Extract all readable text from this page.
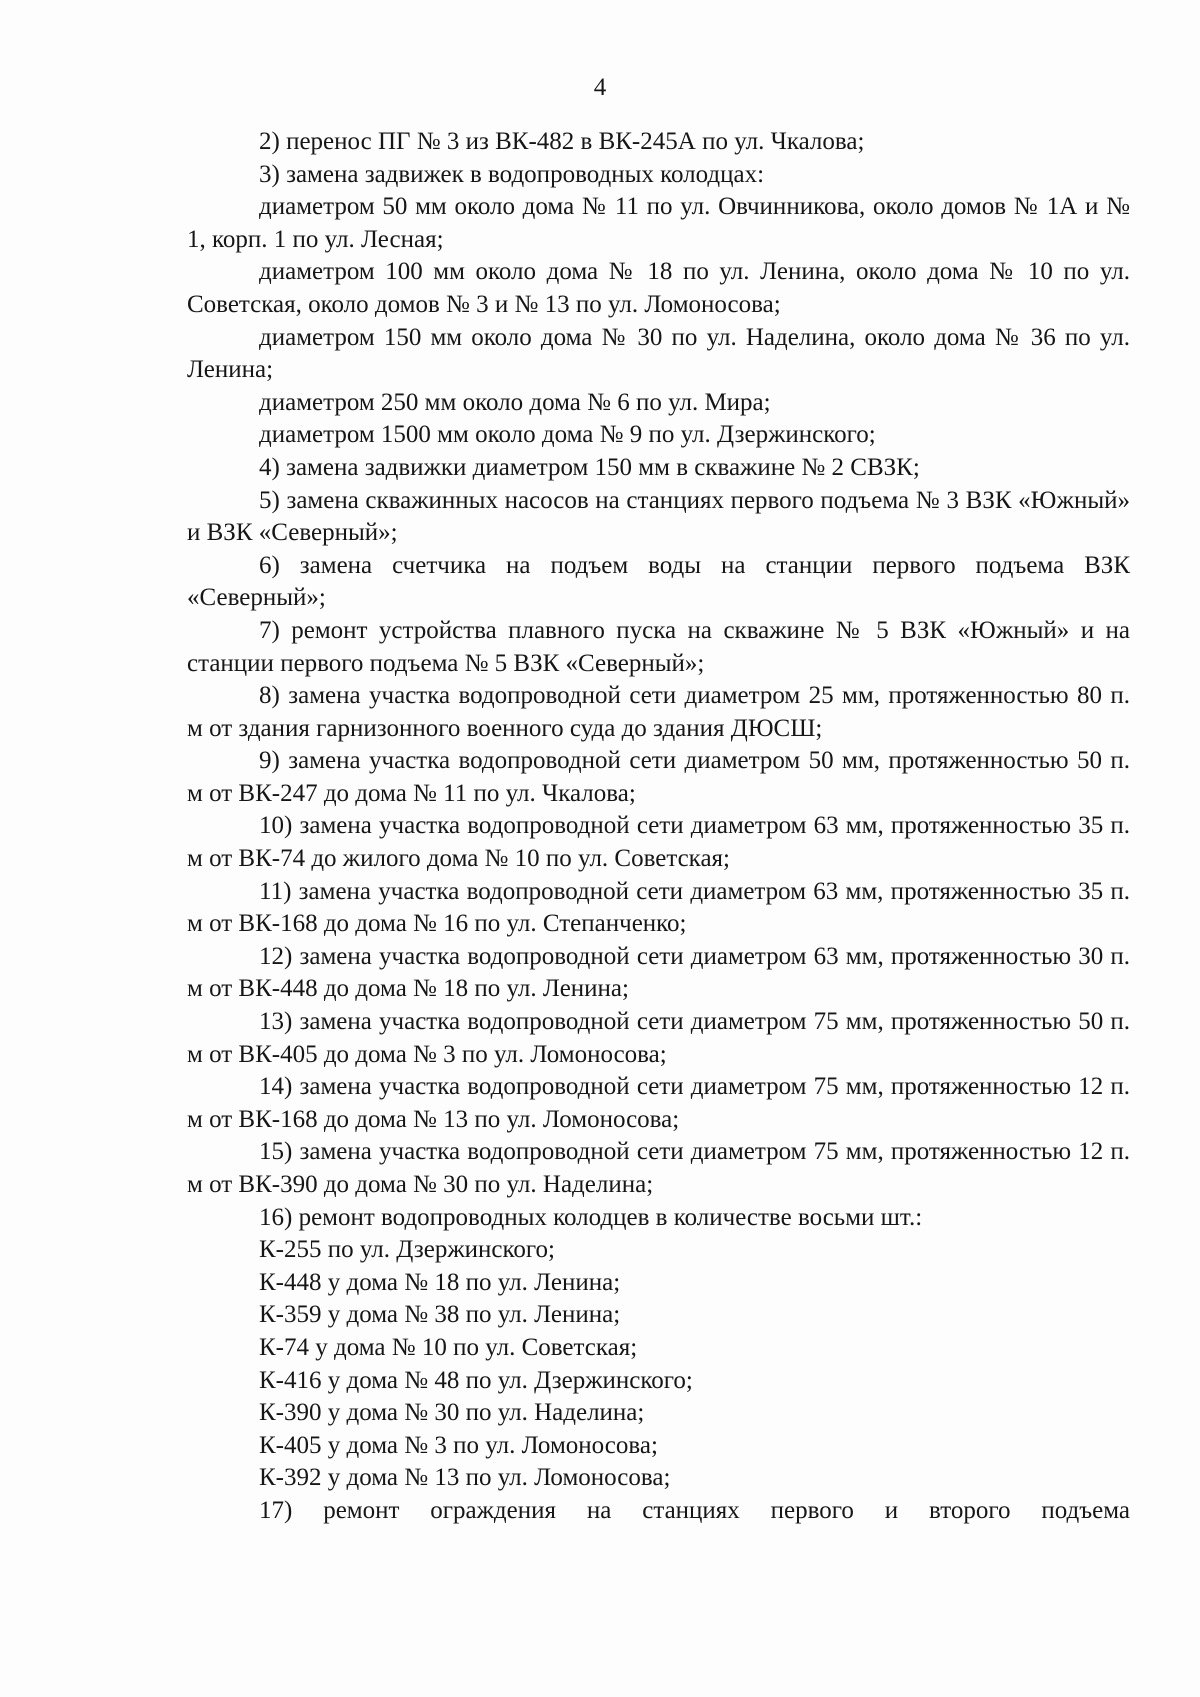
4

2) перенос ПГ № 3 из ВК-482 в ВК-245А по ул. Чкалова;

3) замена задвижек в водопроводных колодцах:

диаметром 50 мм около дома № 11 по ул. Овчинникова, около домов № 1А и № 1, корп. 1 по ул. Лесная;

диаметром 100 мм около дома № 18 по ул. Ленина, около дома № 10 по ул. Советская, около домов № 3 и № 13 по ул. Ломоносова;

диаметром 150 мм около дома № 30 по ул. Наделина, около дома № 36 по ул. Ленина;

диаметром 250 мм около дома № 6 по ул. Мира;

диаметром 1500 мм около дома № 9 по ул. Дзержинского;

4) замена задвижки диаметром 150 мм в скважине № 2 СВЗК;

5) замена скважинных насосов на станциях первого подъема № 3 ВЗК «Южный» и ВЗК «Северный»;

6) замена счетчика на подъем воды на станции первого подъема ВЗК «Северный»;

7) ремонт устройства плавного пуска на скважине № 5 ВЗК «Южный» и на станции первого подъема № 5 ВЗК «Северный»;

8) замена участка водопроводной сети диаметром 25 мм, протяженностью 80 п. м от здания гарнизонного военного суда до здания ДЮСШ;

9) замена участка водопроводной сети диаметром 50 мм, протяженностью 50 п. м от ВК-247 до дома № 11 по ул. Чкалова;

10) замена участка водопроводной сети диаметром 63 мм, протяженностью 35 п. м от ВК-74 до жилого дома № 10 по ул. Советская;

11) замена участка водопроводной сети диаметром 63 мм, протяженностью 35 п. м от ВК-168 до дома № 16 по ул. Степанченко;

12) замена участка водопроводной сети диаметром 63 мм, протяженностью 30 п. м от ВК-448 до дома № 18 по ул. Ленина;

13) замена участка водопроводной сети диаметром 75 мм, протяженностью 50 п. м от ВК-405 до дома № 3 по ул. Ломоносова;

14) замена участка водопроводной сети диаметром 75 мм, протяженностью 12 п. м от ВК-168 до дома № 13 по ул. Ломоносова;

15) замена участка водопроводной сети диаметром 75 мм, протяженностью 12 п. м от ВК-390 до дома № 30 по ул. Наделина;

16) ремонт водопроводных колодцев в количестве восьми шт.:

К-255 по ул. Дзержинского;

К-448 у дома № 18 по ул. Ленина;

К-359 у дома № 38 по ул. Ленина;

К-74 у дома № 10 по ул. Советская;

К-416 у дома № 48 по ул. Дзержинского;

К-390 у дома № 30 по ул. Наделина;

К-405 у дома № 3 по ул. Ломоносова;

К-392 у дома № 13 по ул. Ломоносова;

17) ремонт ограждения на станциях первого и второго подъема
